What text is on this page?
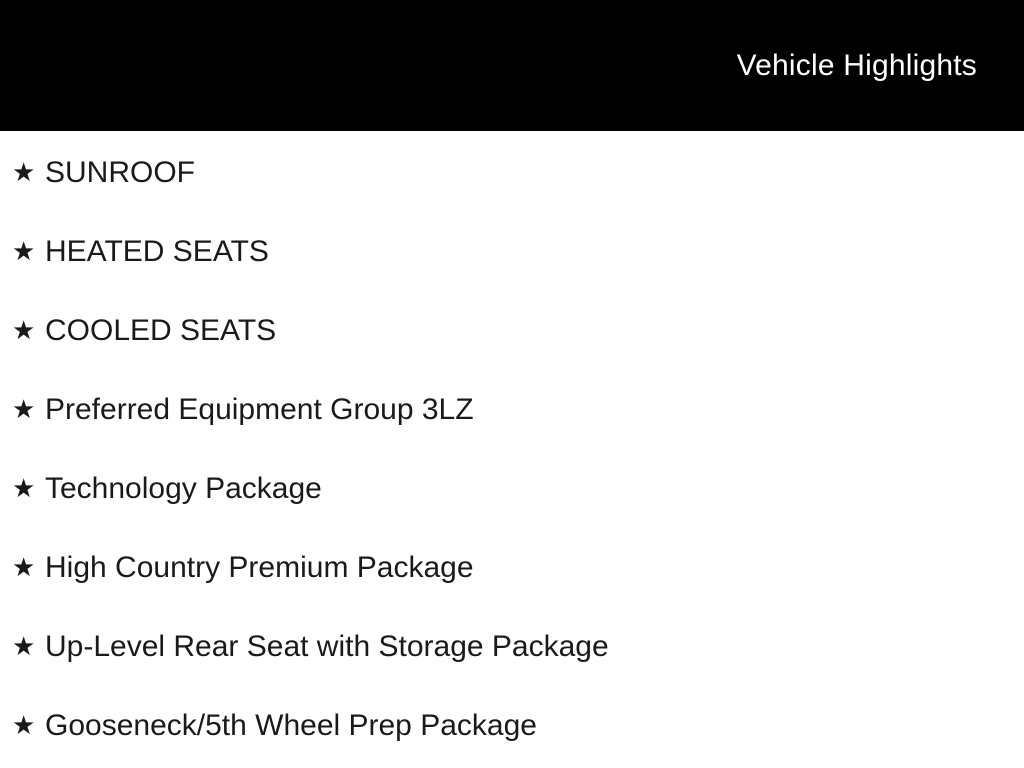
Vehicle Highlights
★ SUNROOF
★ HEATED SEATS
★ COOLED SEATS
★ Preferred Equipment Group 3LZ
★ Technology Package
★ High Country Premium Package
★ Up-Level Rear Seat with Storage Package
★ Gooseneck/5th Wheel Prep Package
